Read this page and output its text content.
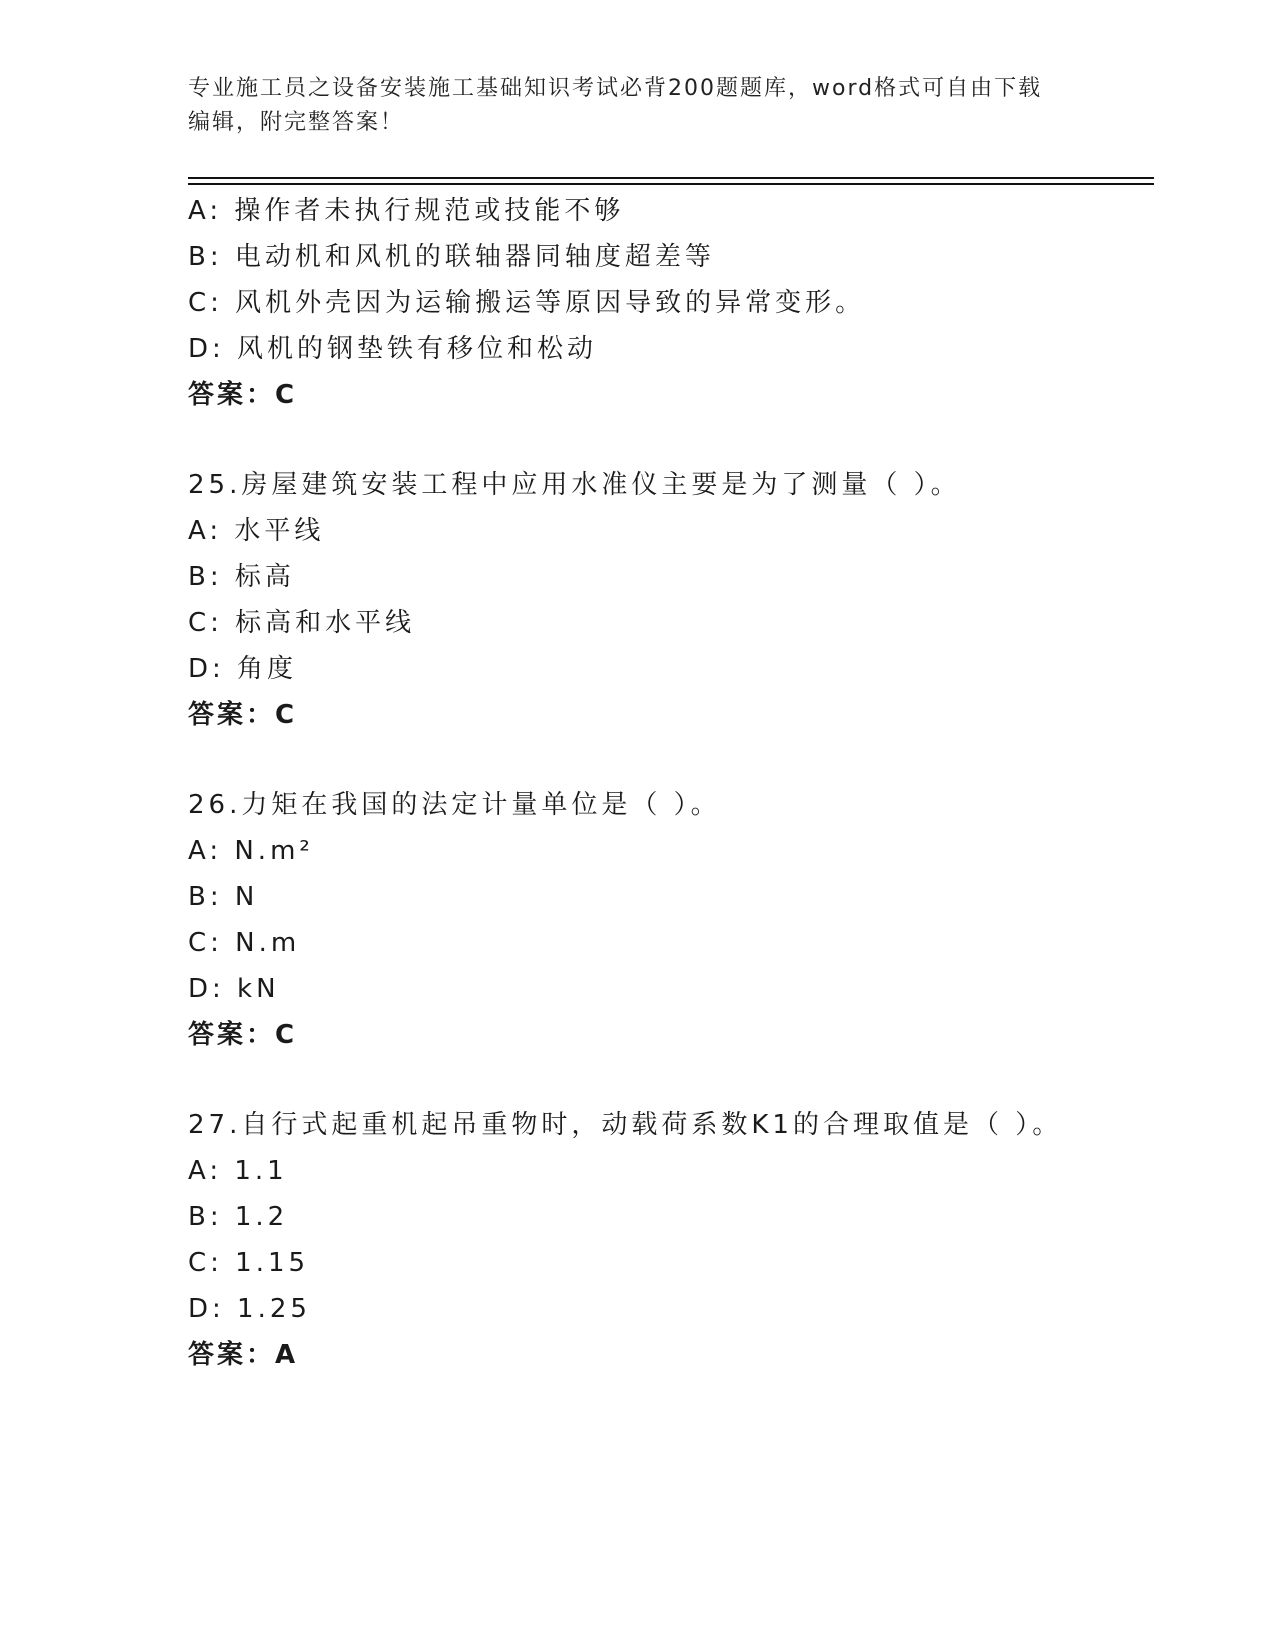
专业施工员之设备安装施工基础知识考试必背200题题库，word格式可自由下载
编辑，附完整答案！
A: 操作者未执行规范或技能不够
B: 电动机和风机的联轴器同轴度超差等
C: 风机外壳因为运输搬运等原因导致的异常变形。
D: 风机的钢垫铁有移位和松动
答案：C
25.房屋建筑安装工程中应用水准仪主要是为了测量（ ）。
A: 水平线
B: 标高
C: 标高和水平线
D: 角度
答案：C
26.力矩在我国的法定计量单位是（ ）。
A: N.m²
B: N
C: N.m
D: kN
答案：C
27.自行式起重机起吊重物时，动载荷系数K1的合理取值是（ ）。
A: 1.1
B: 1.2
C: 1.15
D: 1.25
答案：A
